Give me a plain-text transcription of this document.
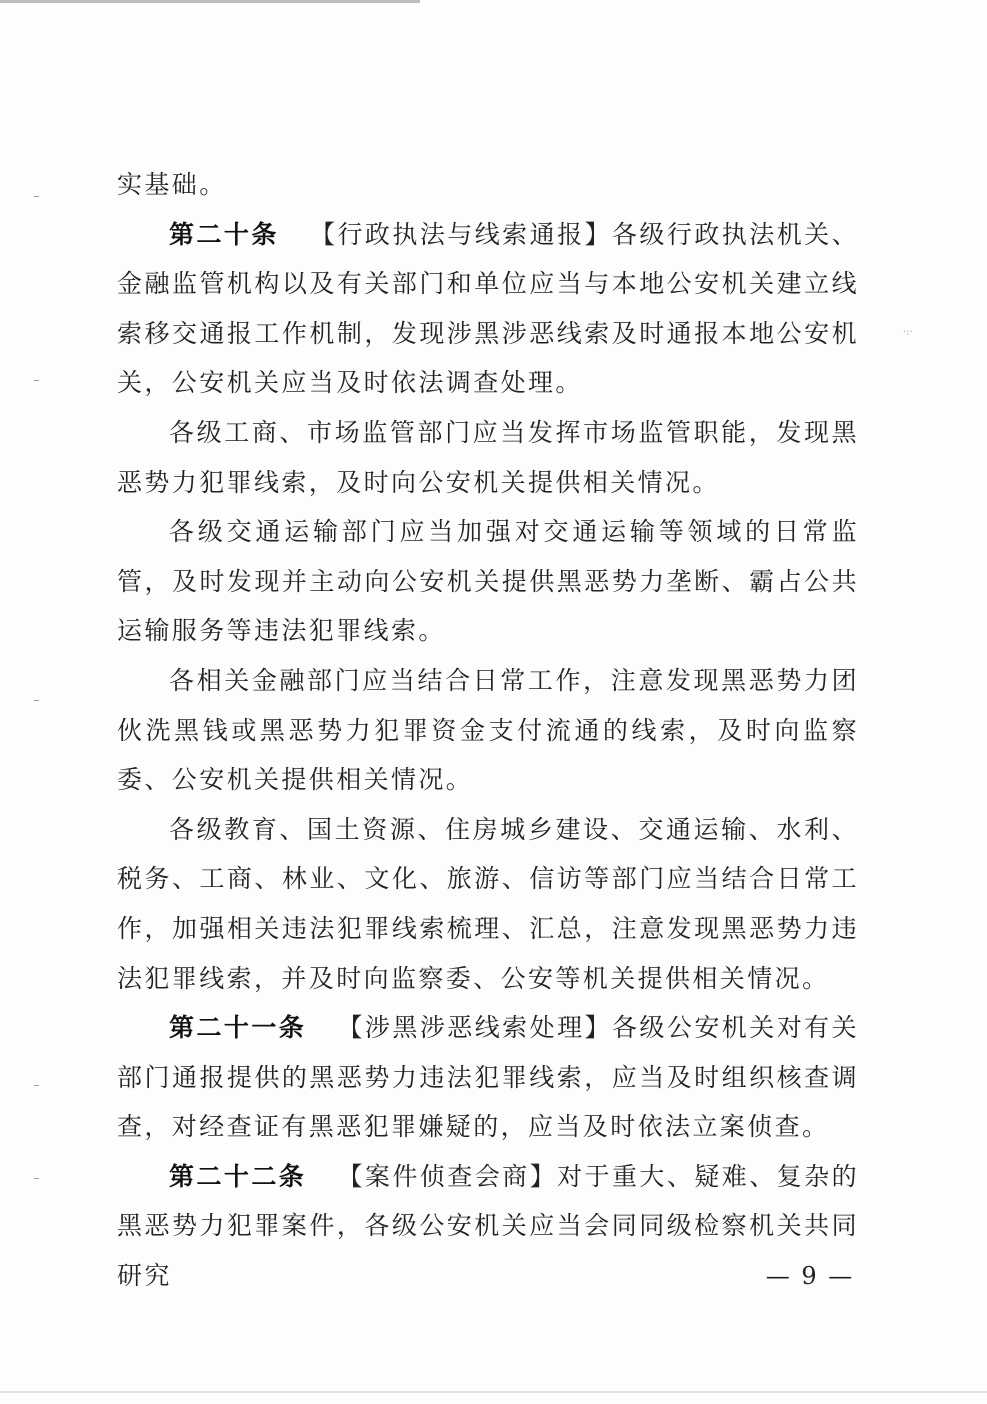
·:·

实基础。

第二十条 【行政执法与线索通报】各级行政执法机关、金融监管机构以及有关部门和单位应当与本地公安机关建立线索移交通报工作机制，发现涉黑涉恶线索及时通报本地公安机关，公安机关应当及时依法调查处理。

各级工商、市场监管部门应当发挥市场监管职能，发现黑恶势力犯罪线索，及时向公安机关提供相关情况。

各级交通运输部门应当加强对交通运输等领域的日常监管，及时发现并主动向公安机关提供黑恶势力垄断、霸占公共运输服务等违法犯罪线索。

各相关金融部门应当结合日常工作，注意发现黑恶势力团伙洗黑钱或黑恶势力犯罪资金支付流通的线索，及时向监察委、公安机关提供相关情况。

各级教育、国土资源、住房城乡建设、交通运输、水利、税务、工商、林业、文化、旅游、信访等部门应当结合日常工作，加强相关违法犯罪线索梳理、汇总，注意发现黑恶势力违法犯罪线索，并及时向监察委、公安等机关提供相关情况。

第二十一条 【涉黑涉恶线索处理】各级公安机关对有关部门通报提供的黑恶势力违法犯罪线索，应当及时组织核查调查，对经查证有黑恶犯罪嫌疑的，应当及时依法立案侦查。

第二十二条 【案件侦查会商】对于重大、疑难、复杂的黑恶势力犯罪案件，各级公安机关应当会同同级检察机关共同研究	— 9 —
